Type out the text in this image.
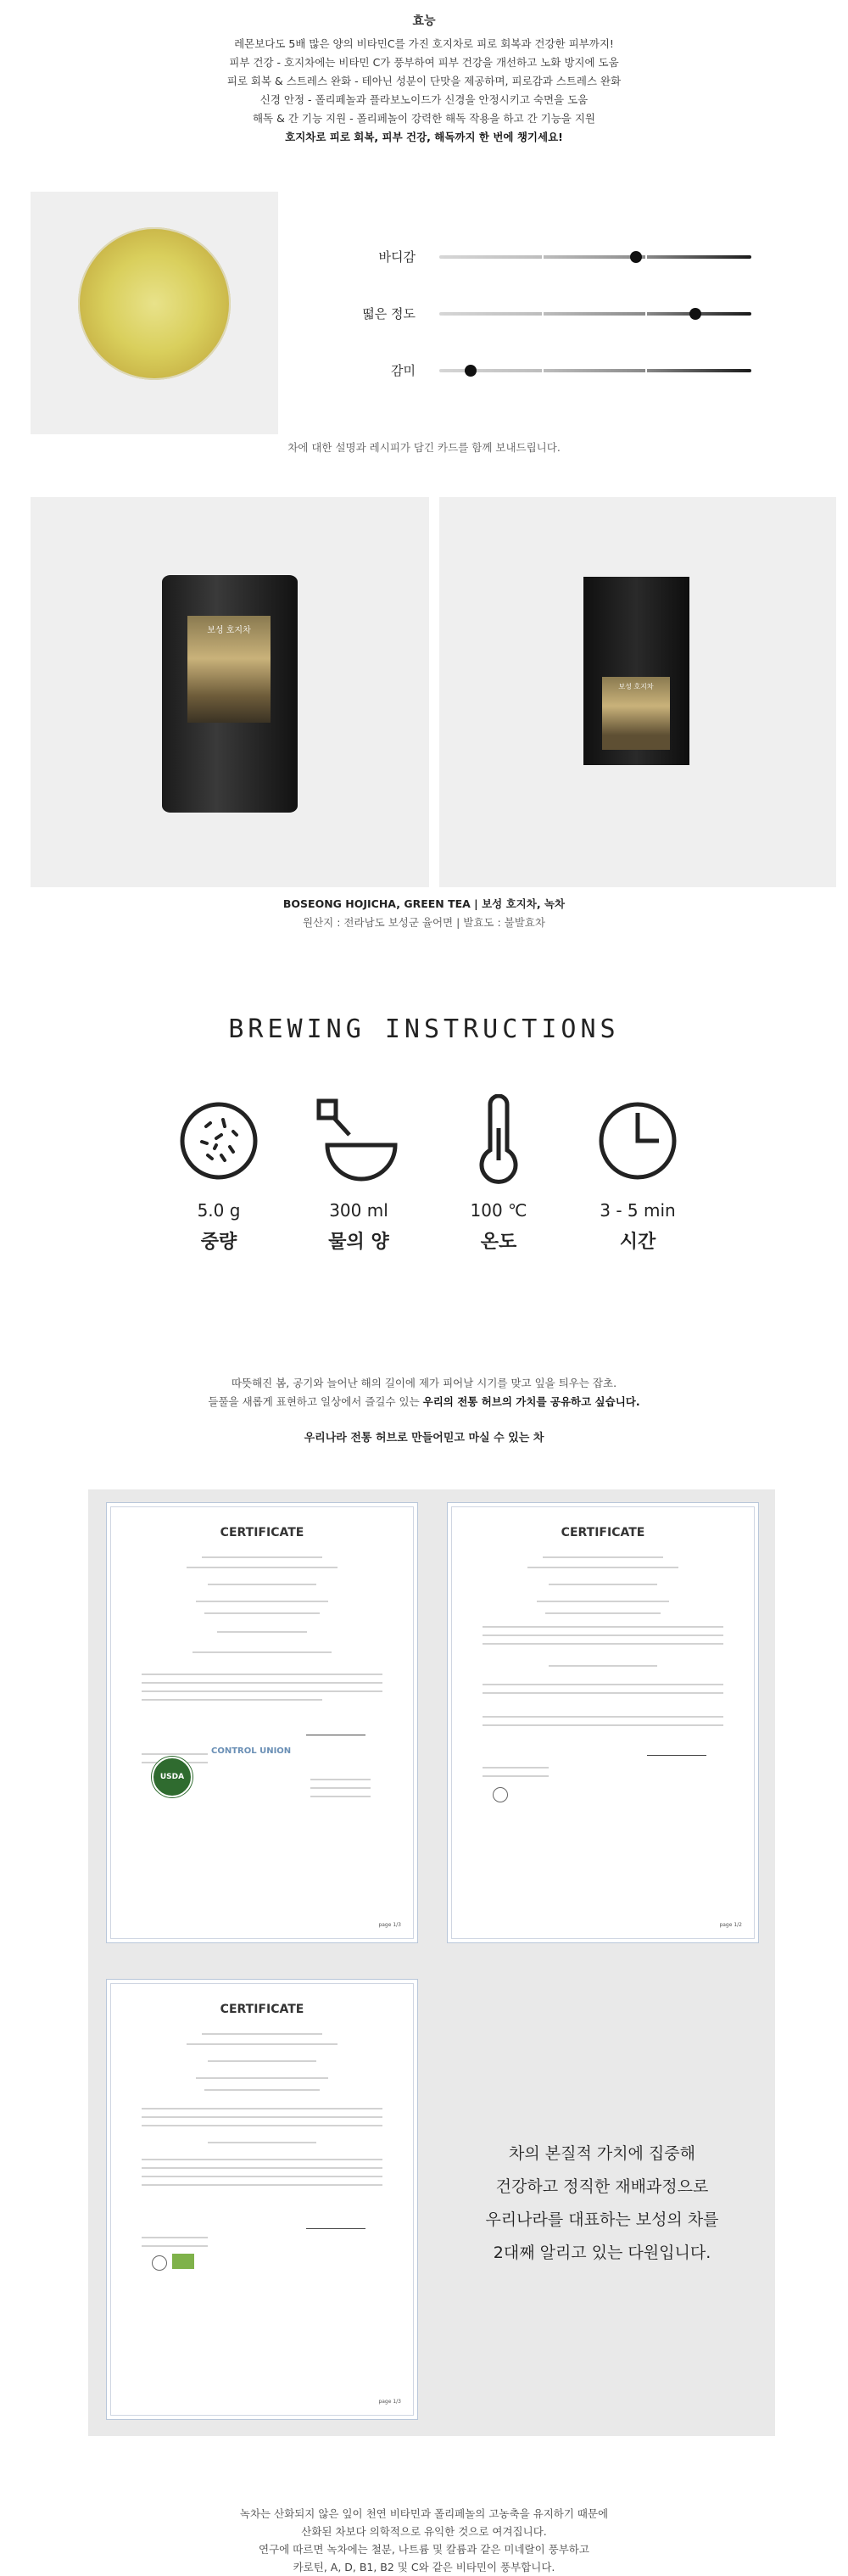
효능
레몬보다도 5배 많은 양의 비타민C를 가진 호지차로 피로 회복과 건강한 피부까지!
피부 건강 - 호지차에는 비타민 C가 풍부하여 피부 건강을 개선하고 노화 방지에 도움
피로 회복 & 스트레스 완화 - 테아닌 성분이 단맛을 제공하며, 피로감과 스트레스 완화
신경 안정 - 폴리페놀과 플라보노이드가 신경을 안정시키고 숙면을 도움
해독 & 간 기능 지원 - 폴리페놀이 강력한 해독 작용을 하고 간 기능을 지원
호지차로 피로 회복, 피부 건강, 해독까지 한 번에 챙기세요!
바디감
떫은 정도
감미
차에 대한 설명과 레시피가 담긴 카드를 함께 보내드립니다.
보성 호지차
보성 호지차
BOSEONG HOJICHA, GREEN TEA | 보성 호지차, 녹차
원산지 : 전라남도 보성군 율어면 | 발효도 : 불발효차
BREWING INSTRUCTIONS
5.0 g	300 ml	100 ℃	3 - 5 min
중량	물의 양	온도	시간
따뜻해진 봄, 공기와 늘어난 해의 길이에 제가 피어날 시기를 맞고 잎을 틔우는 잡초.
들풀을 새롭게 표현하고 일상에서 즐길수 있는 우리의 전통 허브의 가치를 공유하고 싶습니다.
우리나라 전통 허브로 만들어믿고 마실 수 있는 차
CERTIFICATE
USDA ORGANIC
CONTROL UNION
page 1/3
CERTIFICATE
page 1/2
CERTIFICATE
page 1/3
차의 본질적 가치에 집중해
건강하고 정직한 재배과정으로
우리나라를 대표하는 보성의 차를
2대째 알리고 있는 다원입니다.
녹차는 산화되지 않은 잎이 천연 비타민과 폴리페놀의 고농축을 유지하기 때문에
산화된 차보다 의학적으로 유익한 것으로 여겨집니다.
연구에 따르면 녹차에는 철분, 나트륨 및 칼륨과 같은 미네랄이 풍부하고
카로틴, A, D, B1, B2 및 C와 같은 비타민이 풍부합니다.
